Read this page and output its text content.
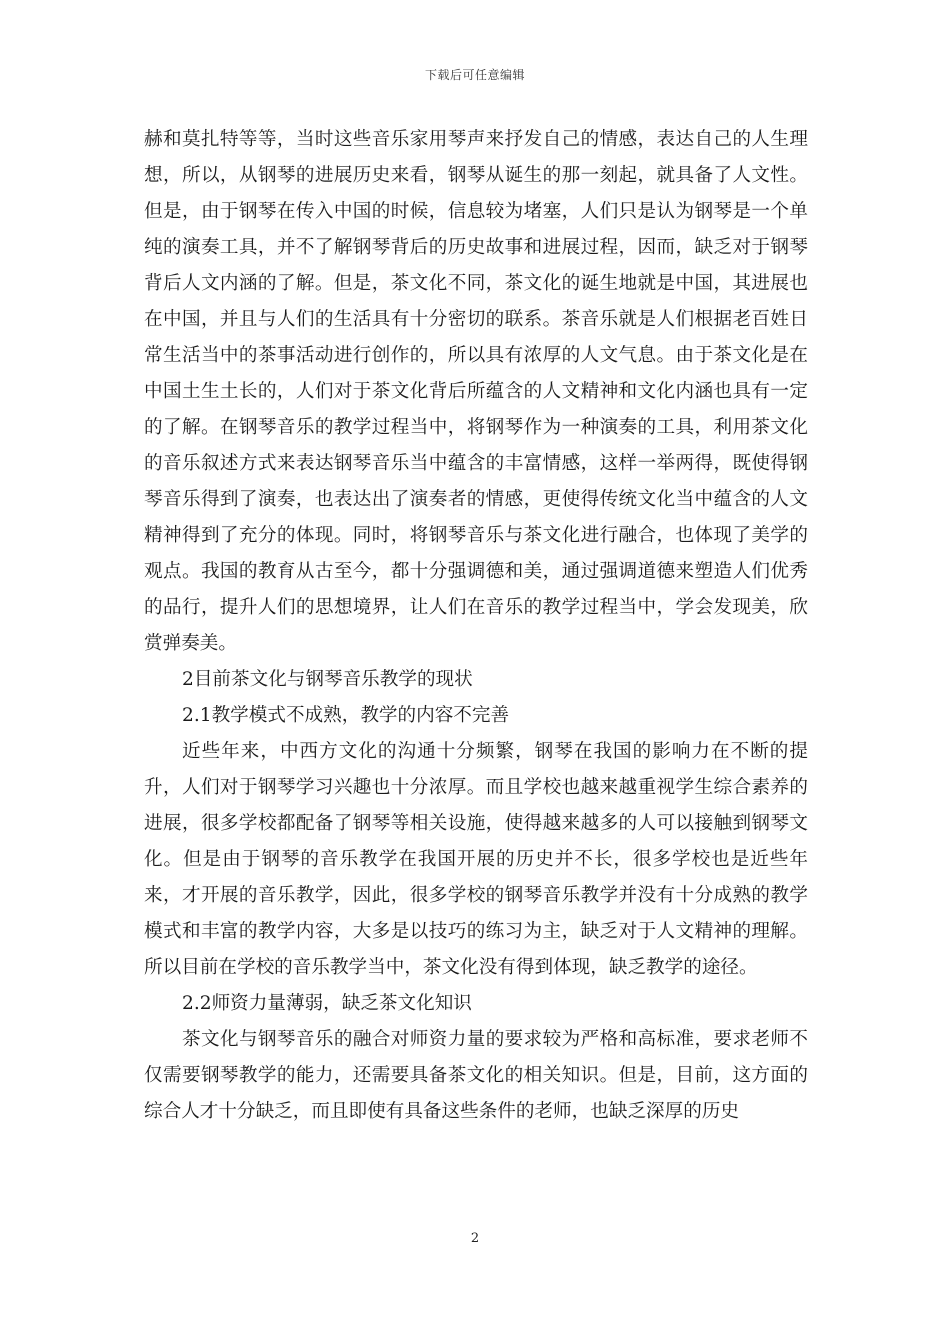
下载后可任意编辑

赫和莫扎特等等，当时这些音乐家用琴声来抒发自己的情感，表达自己的人生理想，所以，从钢琴的进展历史来看，钢琴从诞生的那一刻起，就具备了人文性。但是，由于钢琴在传入中国的时候，信息较为堵塞，人们只是认为钢琴是一个单纯的演奏工具，并不了解钢琴背后的历史故事和进展过程，因而，缺乏对于钢琴背后人文内涵的了解。但是，茶文化不同，茶文化的诞生地就是中国，其进展也在中国，并且与人们的生活具有十分密切的联系。茶音乐就是人们根据老百姓日常生活当中的茶事活动进行创作的，所以具有浓厚的人文气息。由于茶文化是在中国土生土长的，人们对于茶文化背后所蕴含的人文精神和文化内涵也具有一定的了解。在钢琴音乐的教学过程当中，将钢琴作为一种演奏的工具，利用茶文化的音乐叙述方式来表达钢琴音乐当中蕴含的丰富情感，这样一举两得，既使得钢琴音乐得到了演奏，也表达出了演奏者的情感，更使得传统文化当中蕴含的人文精神得到了充分的体现。同时，将钢琴音乐与茶文化进行融合，也体现了美学的观点。我国的教育从古至今，都十分强调德和美，通过强调道德来塑造人们优秀的品行，提升人们的思想境界，让人们在音乐的教学过程当中，学会发现美，欣赏弹奏美。

2目前茶文化与钢琴音乐教学的现状

2.1教学模式不成熟，教学的内容不完善

近些年来，中西方文化的沟通十分频繁，钢琴在我国的影响力在不断的提升，人们对于钢琴学习兴趣也十分浓厚。而且学校也越来越重视学生综合素养的进展，很多学校都配备了钢琴等相关设施，使得越来越多的人可以接触到钢琴文化。但是由于钢琴的音乐教学在我国开展的历史并不长，很多学校也是近些年来，才开展的音乐教学，因此，很多学校的钢琴音乐教学并没有十分成熟的教学模式和丰富的教学内容，大多是以技巧的练习为主，缺乏对于人文精神的理解。所以目前在学校的音乐教学当中，茶文化没有得到体现，缺乏教学的途径。

2.2师资力量薄弱，缺乏茶文化知识

茶文化与钢琴音乐的融合对师资力量的要求较为严格和高标准，要求老师不仅需要钢琴教学的能力，还需要具备茶文化的相关知识。但是，目前，这方面的综合人才十分缺乏，而且即使有具备这些条件的老师，也缺乏深厚的历史

2
